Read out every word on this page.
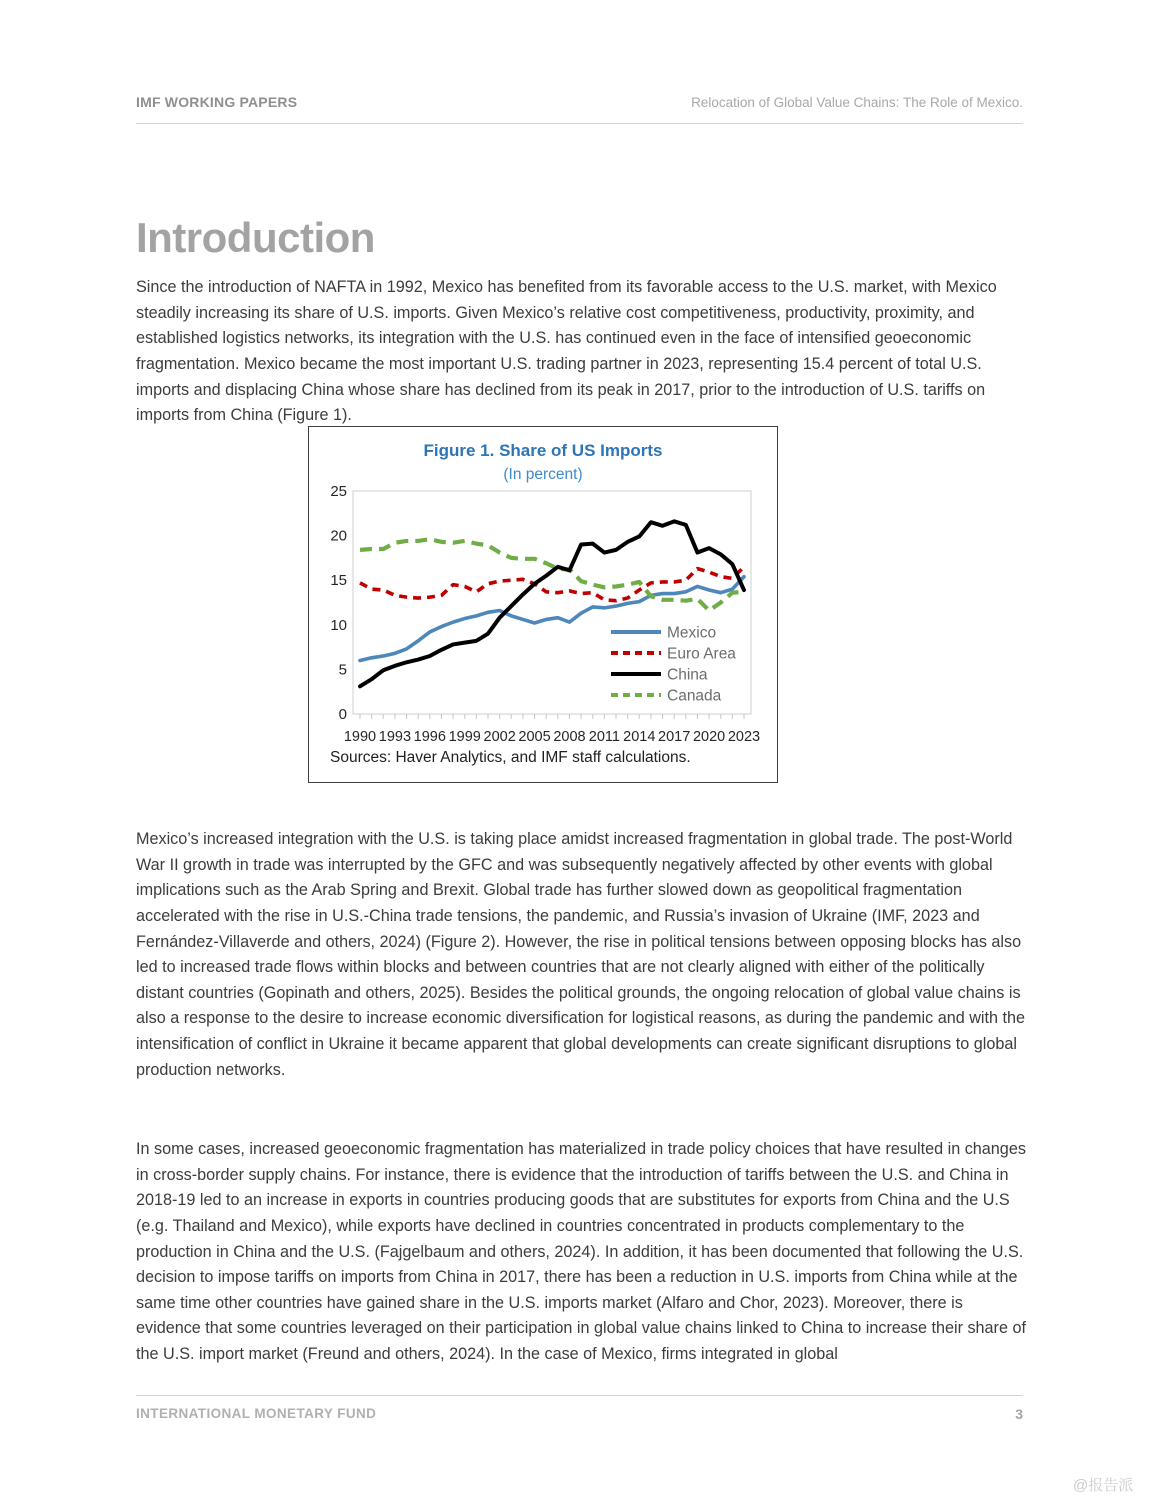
IMF WORKING PAPERS	Relocation of Global Value Chains: The Role of Mexico.
Introduction

Since the introduction of NAFTA in 1992, Mexico has benefited from its favorable access to the U.S. market, with Mexico steadily increasing its share of U.S. imports. Given Mexico’s relative cost competitiveness, productivity, proximity, and established logistics networks, its integration with the U.S. has continued even in the face of intensified geoeconomic fragmentation. Mexico became the most important U.S. trading partner in 2023, representing 15.4 percent of total U.S. imports and displacing China whose share has declined from its peak in 2017, prior to the introduction of U.S. tariffs on imports from China (Figure 1).

Figure 1. Share of US Imports
(In percent)
0
5
10
15
20
25
1990 1993 1996 1999 2002 2005 2008 2011 2014 2017 2020 2023
Mexico
Euro Area
China
Canada
Sources: Haver Analytics, and IMF staff calculations.

Mexico’s increased integration with the U.S. is taking place amidst increased fragmentation in global trade. The post-World War II growth in trade was interrupted by the GFC and was subsequently negatively affected by other events with global implications such as the Arab Spring and Brexit. Global trade has further slowed down as geopolitical fragmentation accelerated with the rise in U.S.-China trade tensions, the pandemic, and Russia’s invasion of Ukraine (IMF, 2023 and Fernández-Villaverde and others, 2024) (Figure 2). However, the rise in political tensions between opposing blocks has also led to increased trade flows within blocks and between countries that are not clearly aligned with either of the politically distant countries (Gopinath and others, 2025). Besides the political grounds, the ongoing relocation of global value chains is also a response to the desire to increase economic diversification for logistical reasons, as during the pandemic and with the intensification of conflict in Ukraine it became apparent that global developments can create significant disruptions to global production networks.

In some cases, increased geoeconomic fragmentation has materialized in trade policy choices that have resulted in changes in cross-border supply chains. For instance, there is evidence that the introduction of tariffs between the U.S. and China in 2018-19 led to an increase in exports in countries producing goods that are substitutes for exports from China and the U.S (e.g. Thailand and Mexico), while exports have declined in countries concentrated in products complementary to the production in China and the U.S. (Fajgelbaum and others, 2024). In addition, it has been documented that following the U.S. decision to impose tariffs on imports from China in 2017, there has been a reduction in U.S. imports from China while at the same time other countries have gained share in the U.S. imports market (Alfaro and Chor, 2023). Moreover, there is evidence that some countries leveraged on their participation in global value chains linked to China to increase their share of the U.S. import market (Freund and others, 2024). In the case of Mexico, firms integrated in global

INTERNATIONAL MONETARY FUND	3
@报告派
